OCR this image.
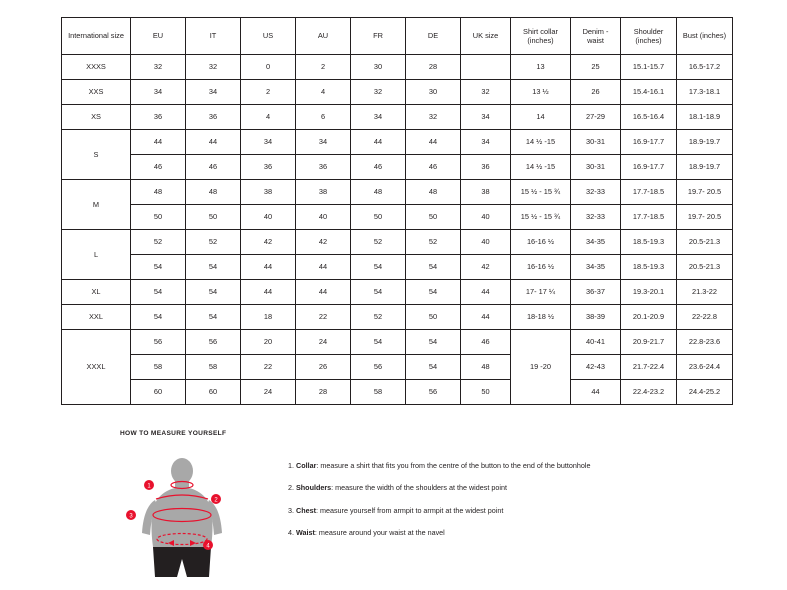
International size	EU	IT	US	AU	FR	DE	UK size	Shirt collar (inches)	Denim - waist	Shoulder (inches)	Bust (inches)
XXXS	32	32	0	2	30	28		13	25	15.1-15.7	16.5-17.2
XXS	34	34	2	4	32	30	32	13 ½	26	15.4-16.1	17.3-18.1
XS	36	36	4	6	34	32	34	14	27-29	16.5-16.4	18.1-18.9
S	44	44	34	34	44	44	34	14 ½ -15	30-31	16.9-17.7	18.9-19.7
	46	46	36	36	46	46	36	14 ½ -15	30-31	16.9-17.7	18.9-19.7
M	48	48	38	38	48	48	38	15 ½ - 15 ¾	32-33	17.7-18.5	19.7- 20.5
	50	50	40	40	50	50	40	15 ½ - 15 ¾	32-33	17.7-18.5	19.7- 20.5
L	52	52	42	42	52	52	40	16-16 ½	34-35	18.5-19.3	20.5-21.3
	54	54	44	44	54	54	42	16-16 ½	34-35	18.5-19.3	20.5-21.3
XL	54	54	44	44	54	54	44	17- 17 ¼	36-37	19.3-20.1	21.3-22
XXL	54	54	18	22	52	50	44	18-18 ½	38-39	20.1-20.9	22-22.8
XXXL	56	56	20	24	54	54	46	19 -20	40-41	20.9-21.7	22.8-23.6
	58	58	22	26	56	54	48		42-43	21.7-22.4	23.6-24.4
	60	60	24	28	58	56	50		44	22.4-23.2	24.4-25.2
HOW TO MEASURE YOURSELF
1
2
3
4
1. Collar: measure a shirt that fits you from the centre of the button to the end of the buttonhole
2. Shoulders: measure the width of the shoulders at the widest point
3. Chest: measure yourself from armpit to armpit at the widest point
4. Waist: measure around your waist at the navel
